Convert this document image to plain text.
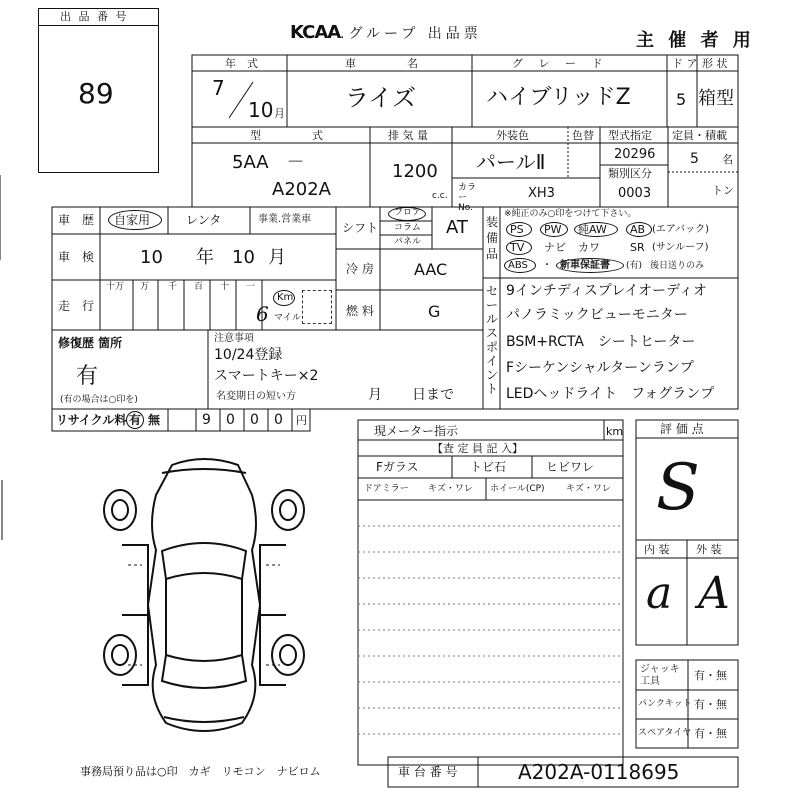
出 品 番 号
89
KCAA .グループ 出品票	主 催 者 用
年　式
7
10 月
車　名
ライズ
グ レ ー ド
ハイブリッドZ
ド ア
5
形 状
箱型
型　式
5AA　－
A202A
排 気 量
1200
c.c.
外装色	色替
パールⅡ
カラー No.
XH3
型式指定
20296
類別区分
0003
定員・積載
5 名
トン
車　歴 自家用	レンタ	事業.営業車
車　検	10 年 10 月
走　行
十万 万 千 百 十 一
6
Km
マイル
シフト
フロア
コラム
パネル
AT
冷 房	AAC
燃 料	G
装備品
※純正のみ○印をつけて下さい。
PS PW 純AW AB (エアバック)
TV ナビ カワ	SR (サンルーフ)
ABS ・ 新車保証書 (有) 後日送りのみ
セールスポイント
9インチディスプレイオーディオ
パノラミックビューモニター
BSM+RCTA　シートヒーター
Fシーケンシャルターンランプ
LEDヘッドライト　フォグランプ
修復歴 箇所
有
(有の場合は○印を)
注意事項
10/24登録
スマートキー×2
名変期日の短い方	月 日まで
リサイクル料 有 無	9 0 0 0 円
現メーター指示	km
【査 定 員 記 入】
Fガラス	トビ石	ヒビワレ
ドアミラー キズ・ワレ ホイール(CP) キズ・ワレ
評 価 点
S
内 装 外 装
a A
ジャッキ工具	有・無
パンクキット 有・無
スペアタイヤ 有・無
事務局預り品は○印　カギ　リモコン　ナビロム	車 台 番 号	A202A-0118695
